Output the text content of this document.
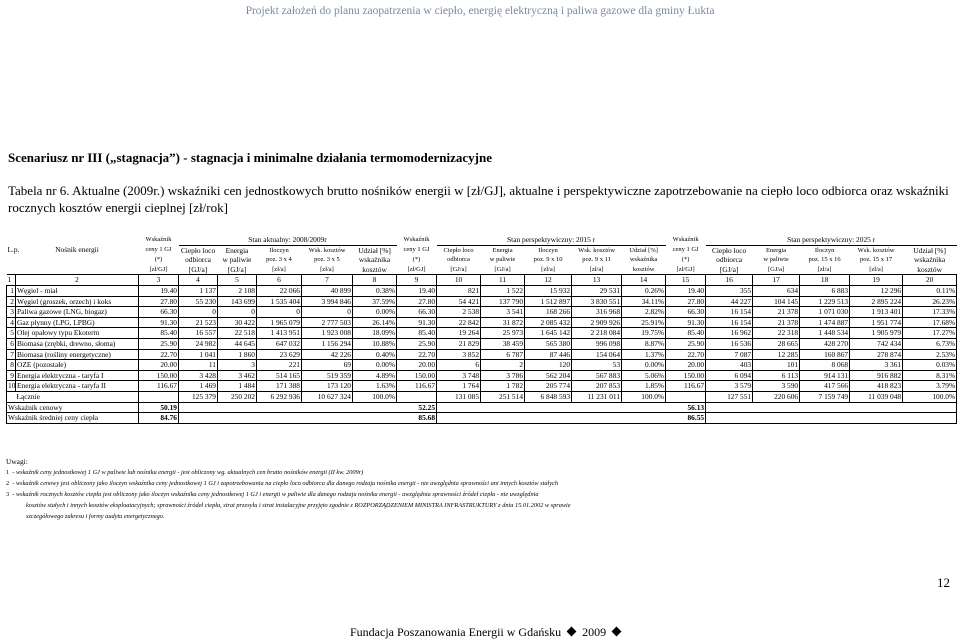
Projekt założeń do planu zaopatrzenia w ciepło, energię elektryczną i paliwa gazowe dla gminy Łukta
Scenariusz nr III („stagnacja”) - stagnacja i minimalne działania termomodernizacyjne
Tabela nr 6. Aktualne (2009r.) wskaźniki cen jednostkowych brutto nośników energii w [zł/GJ], aktualne i perspektywiczne zapotrzebowanie na ciepło loco odbiorca oraz wskaźniki rocznych kosztów energii cieplnej [zł/rok]
		Wskaźnik	Stan aktualny: 2008/2009r					Wskaźnik	Stan perspektywiczny: 2015 r					Wskaźnik	Stan perspektywiczny: 2025 r				
L.p.	Nośnik energii	ceny 1 GJ	Ciepło loco	Energia	Iloczyn	Wsk. kosztów	Udział [%]	ceny 1 GJ	Ciepło loco	Energia	Iloczyn	Wsk. kosztów	Udział [%]	ceny 1 GJ	Ciepło loco	Energia	Iloczyn	Wsk. kosztów	Udział [%]
		(*)	odbiorca	w paliwie	poz. 3 x 4	poz. 3 x 5	wskaźnika	(*)	odbiorca	w paliwie	poz. 9 x 10	poz. 9 x 11	wskaźnika	(*)	odbiorca	w paliwie	poz. 15 x 16	poz. 15 x 17	wskaźnika
		[zł/GJ]	[GJ/a]	[GJ/a]	[zł/a]	[zł/a]	kosztów	[zł/GJ]	[GJ/a]	[GJ/a]	[zł/a]	[zł/a]	kosztów	[zł/GJ]	[GJ/a]	[GJ/a]	[zł/a]	[zł/a]	kosztów
1	2	3	4	5	6	7	8	9	10	11	12	13	14	15	16	17	18	19	20
1	Węgiel - miał	19.40	1 137	2 108	22 066	40 899	0.38%	19.40	821	1 522	15 932	29 531	0.26%	19.40	355	634	6 883	12 296	0.11%
2	Węgiel (groszek, orzech) i koks	27.80	55 230	143 699	1 535 404	3 994 846	37.59%	27.80	54 421	137 790	1 512 897	3 830 551	34.11%	27.80	44 227	104 145	1 229 513	2 895 224	26.23%
3	Paliwa gazowe (LNG, biogaz)	66.30	0	0	0	0	0.00%	66.30	2 538	3 541	168 266	316 968	2.82%	66.30	16 154	21 378	1 071 030	1 913 401	17.33%
4	Gaz płynny (LPG, LPBG)	91.30	21 523	30 422	1 965 079	2 777 503	26.14%	91.30	22 842	31 872	2 085 432	2 909 926	25.91%	91.30	16 154	21 378	1 474 887	1 951 774	17.68%
5	Olej opałowy typu Ekoterm	85.40	16 557	22 518	1 413 951	1 923 008	18.09%	85.40	19 264	25 973	1 645 142	2 218 084	19.75%	85.40	16 962	22 318	1 448 534	1 905 979	17.27%
6	Biomasa (zrębki, drewno, słoma)	25.90	24 982	44 645	647 032	1 156 294	10.88%	25.90	21 829	38 459	565 380	996 098	8.87%	25.90	16 536	28 665	428 270	742 434	6.73%
7	Biomasa (rośliny energetyczne)	22.70	1 041	1 860	23 629	42 226	0.40%	22.70	3 852	6 787	87 446	154 064	1.37%	22.70	7 087	12 285	160 867	278 874	2.53%
8	OZE (pozostałe)	20.00	11	3	221	69	0.00%	20.00	6	2	120	53	0.00%	20.00	403	101	8 068	3 361	0.03%
9	Energia elektryczna - taryfa I	150.00	3 428	3 462	514 165	519 359	4.89%	150.00	3 748	3 786	562 204	567 883	5.06%	150.00	6 094	6 113	914 131	916 882	8.31%
10	Energia elektryczna - taryfa II	116.67	1 469	1 484	171 388	173 120	1.63%	116.67	1 764	1 782	205 774	207 853	1.85%	116.67	3 579	3 590	417 566	418 823	3.79%
	Łącznie		125 379	250 202	6 292 936	10 627 324	100.0%		131 085	251 514	6 848 593	11 231 011	100.0%		127 551	220 606	7 159 749	11 039 048	100.0%
Wskaźnik cenowy		50.19						52.25						56.13					
Wskaźnik średniej ceny ciepła		84.76						85.68						86.55					
Uwagi:
1 - wskaźnik ceny jednostkowej 1 GJ w paliwie lub nośniku energii - jest obliczony wg. aktualnych cen brutto nośników energii (II kw. 2009r)
2 - wskaźnik cenowy jest obliczony jako iloczyn wskaźnika ceny jednostkowej 1 GJ i zapotrzebowania na ciepło loco odbiorca dla danego rodzaju nośnika energii - nie uwzględnia sprawności ani innych kosztów stałych
3 - wskaźnik rocznych kosztów ciepła jest obliczony jako iloczyn wskaźnika ceny jednostkowej 1 GJ i energii w paliwie dla danego rodzaju nośnika energii - uwzględnia sprawności źródeł ciepła - nie uwzględnia
kosztów stałych i innych kosztów eksploatacyjnych; sprawności źródeł ciepła, strat przesyłu i strat instalacyjne przyjęto zgodnie z ROZPORZĄDZENIEM MINISTRA INFRASTRUKTURY z dnia 15.01.2002 w sprawie
szczegółowego zakresu i formy audytu energetycznego.
12
Fundacja Poszanowania Energii w Gdańsku 2009
